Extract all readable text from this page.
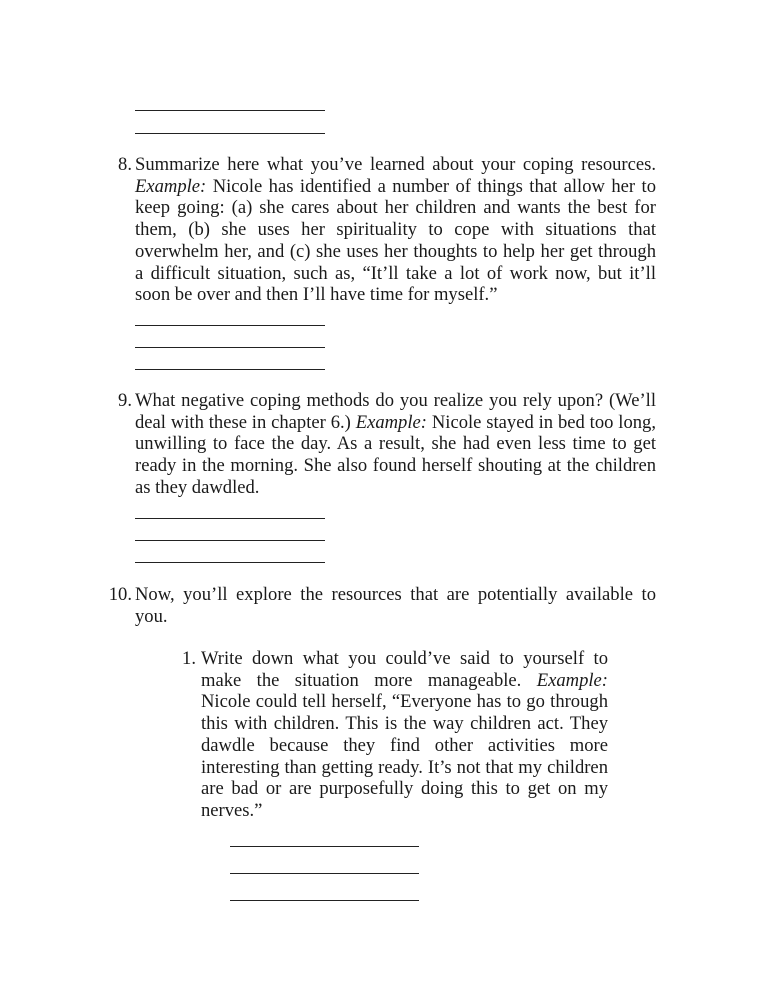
8. Summarize here what you’ve learned about your coping resources. Example: Nicole has identified a number of things that allow her to keep going: (a) she cares about her children and wants the best for them, (b) she uses her spirituality to cope with situations that overwhelm her, and (c) she uses her thoughts to help her get through a difficult situation, such as, “It’ll take a lot of work now, but it’ll soon be over and then I’ll have time for myself.”
9. What negative coping methods do you realize you rely upon? (We’ll deal with these in chapter 6.) Example: Nicole stayed in bed too long, unwilling to face the day. As a result, she had even less time to get ready in the morning. She also found herself shouting at the children as they dawdled.
10. Now, you’ll explore the resources that are potentially available to you.
1. Write down what you could’ve said to yourself to make the situation more manageable. Example: Nicole could tell herself, “Everyone has to go through this with children. This is the way children act. They dawdle because they find other activities more interesting than getting ready. It’s not that my children are bad or are purposefully doing this to get on my nerves.”
